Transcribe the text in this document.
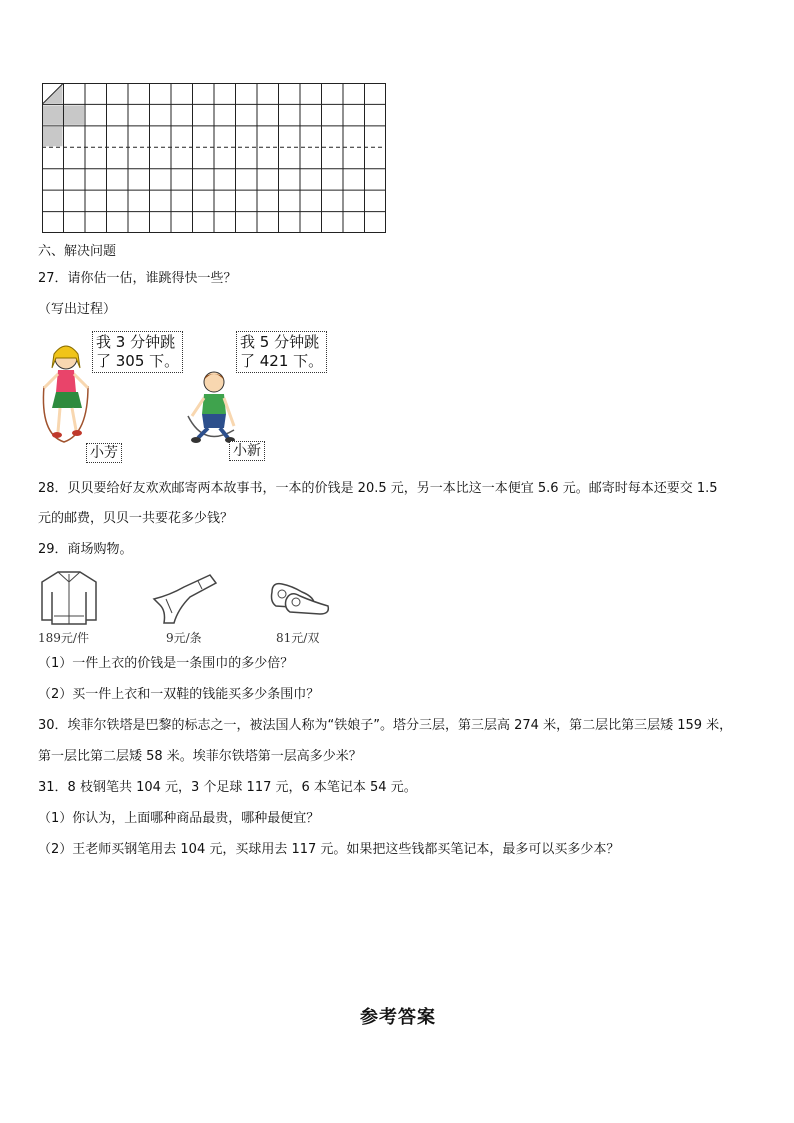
六、解决问题
27．请你估一估，谁跳得快一些？
（写出过程）
我 3 分钟跳
了 305 下。
小芳
我 5 分钟跳
了 421 下。
小新
28．贝贝要给好友欢欢邮寄两本故事书，一本的价钱是 20.5 元，另一本比这一本便宜 5.6 元。邮寄时每本还要交 1.5
元的邮费，贝贝一共要花多少钱？
29．商场购物。
189元/件	9元/条	81元/双
（1）一件上衣的价钱是一条围巾的多少倍？
（2）买一件上衣和一双鞋的钱能买多少条围巾？
30．埃菲尔铁塔是巴黎的标志之一，被法国人称为“铁娘子”。塔分三层，第三层高 274 米，第二层比第三层矮 159 米，
第一层比第二层矮 58 米。埃菲尔铁塔第一层高多少米？
31．8 枝钢笔共 104 元，3 个足球 117 元，6 本笔记本 54 元。
（1）你认为，上面哪种商品最贵，哪种最便宜？
（2）王老师买钢笔用去 104 元，买球用去 117 元。如果把这些钱都买笔记本，最多可以买多少本？
参考答案
